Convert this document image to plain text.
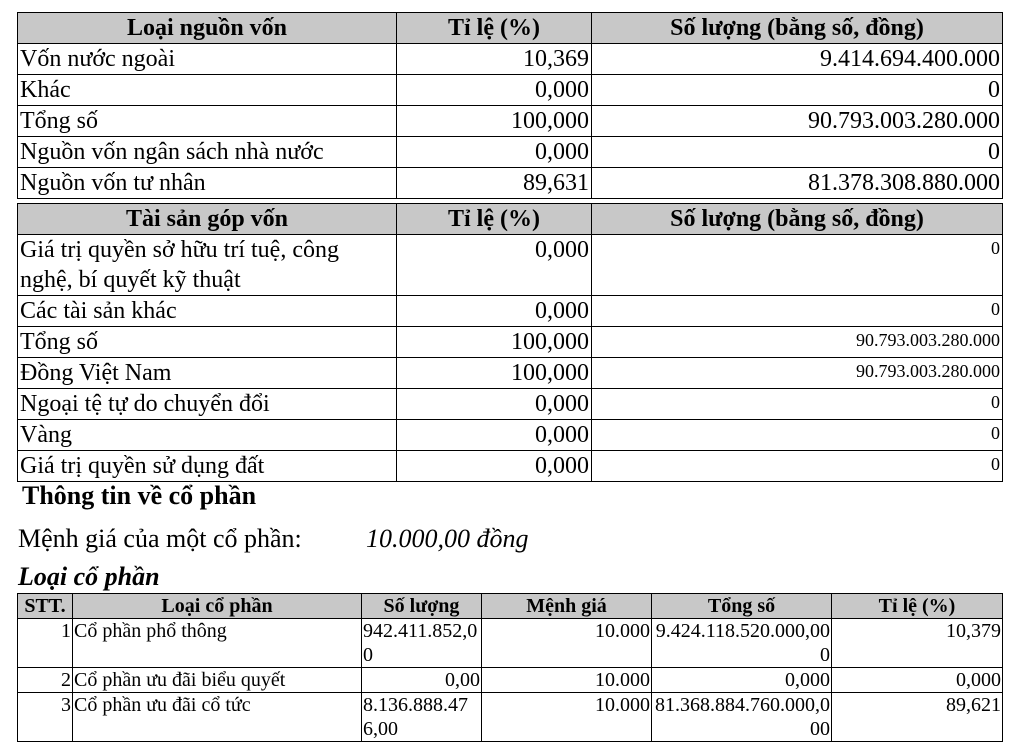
Loại nguồn vốn	Tỉ lệ (%)	Số lượng (bằng số, đồng)
Vốn nước ngoài	10,369	9.414.694.400.000
Khác	0,000	0
Tổng số	100,000	90.793.003.280.000
Nguồn vốn ngân sách nhà nước	0,000	0
Nguồn vốn tư nhân	89,631	81.378.308.880.000
Tài sản góp vốn	Tỉ lệ (%)	Số lượng (bằng số, đồng)
Giá trị quyền sở hữu trí tuệ, công nghệ, bí quyết kỹ thuật	0,000	0
Các tài sản khác	0,000	0
Tổng số	100,000	90.793.003.280.000
Đồng Việt Nam	100,000	90.793.003.280.000
Ngoại tệ tự do chuyển đổi	0,000	0
Vàng	0,000	0
Giá trị quyền sử dụng đất	0,000	0
Thông tin về cổ phần
Mệnh giá của một cổ phần: 10.000,00 đồng
Loại cổ phần
STT.	Loại cổ phần	Số lượng	Mệnh giá	Tổng số	Tỉ lệ (%)
1	Cổ phần phổ thông	942.411.852,00	10.000	9.424.118.520.000,000	10,379
2	Cổ phần ưu đãi biểu quyết	0,00	10.000	0,000	0,000
3	Cổ phần ưu đãi cổ tức	8.136.888.476,00	10.000	81.368.884.760.000,000	89,621
